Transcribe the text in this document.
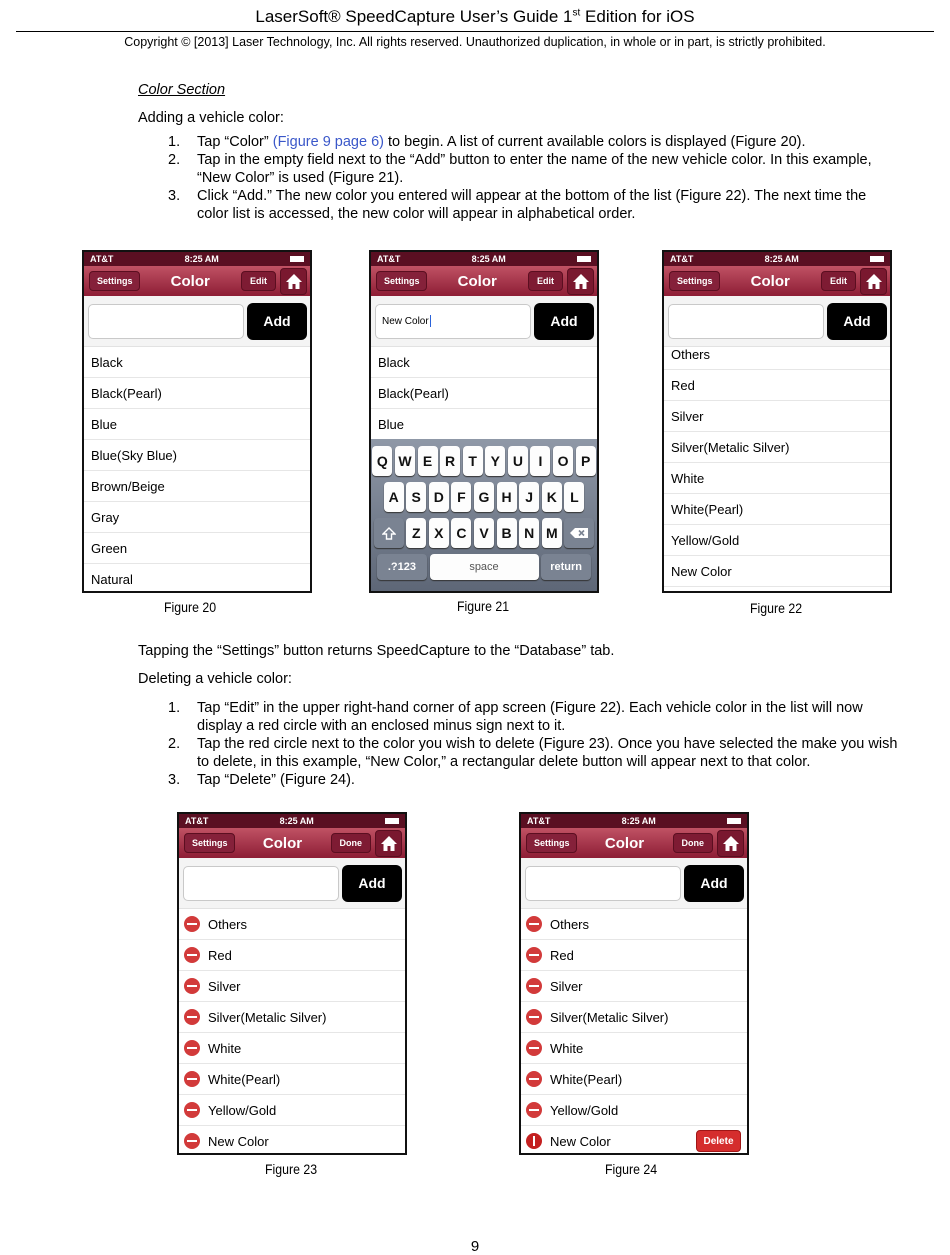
LaserSoft® SpeedCapture User’s Guide 1st Edition for iOS
Copyright © [2013] Laser Technology, Inc. All rights reserved. Unauthorized duplication, in whole or in part, is strictly prohibited.
Color Section
Adding a vehicle color:
1. Tap “Color” (Figure 9 page 6) to begin. A list of current available colors is displayed (Figure 20).
2. Tap in the empty field next to the “Add” button to enter the name of the new vehicle color. In this example, “New Color” is used (Figure 21).
3. Click “Add.” The new color you entered will appear at the bottom of the list (Figure 22). The next time the color list is accessed, the new color will appear in alphabetical order.
AT&T	8:25 AM
Settings	Color	Edit
Add
Black
Black(Pearl)
Blue
Blue(Sky Blue)
Brown/Beige
Gray
Green
Natural
Figure 20
AT&T	8:25 AM
Settings	Color	Edit
New Color	Add
Black
Black(Pearl)
Blue
Q W E R T Y U	I	O P
A S D F G H J K L
Z X C V B N M
.?123	space	return
Figure 21
AT&T	8:25 AM
Settings	Color	Edit
Add
Others
Red
Silver
Silver(Metalic Silver)
White
White(Pearl)
Yellow/Gold
New Color
Figure 22
Tapping the “Settings” button returns SpeedCapture to the “Database” tab.
Deleting a vehicle color:
1. Tap “Edit” in the upper right-hand corner of app screen (Figure 22). Each vehicle color in the list will now display a red circle with an enclosed minus sign next to it.
2. Tap the red circle next to the color you wish to delete (Figure 23). Once you have selected the make you wish to delete, in this example, “New Color,” a rectangular delete button will appear next to that color.
3. Tap “Delete” (Figure 24).
AT&T	8:25 AM
Settings	Color	Done
Add
Others
Red
Silver
Silver(Metalic Silver)
White
White(Pearl)
Yellow/Gold
New Color
Figure 23
AT&T	8:25 AM
Settings	Color	Done
Add
Others
Red
Silver
Silver(Metalic Silver)
White
White(Pearl)
Yellow/Gold
New Color	Delete
Figure 24
9
